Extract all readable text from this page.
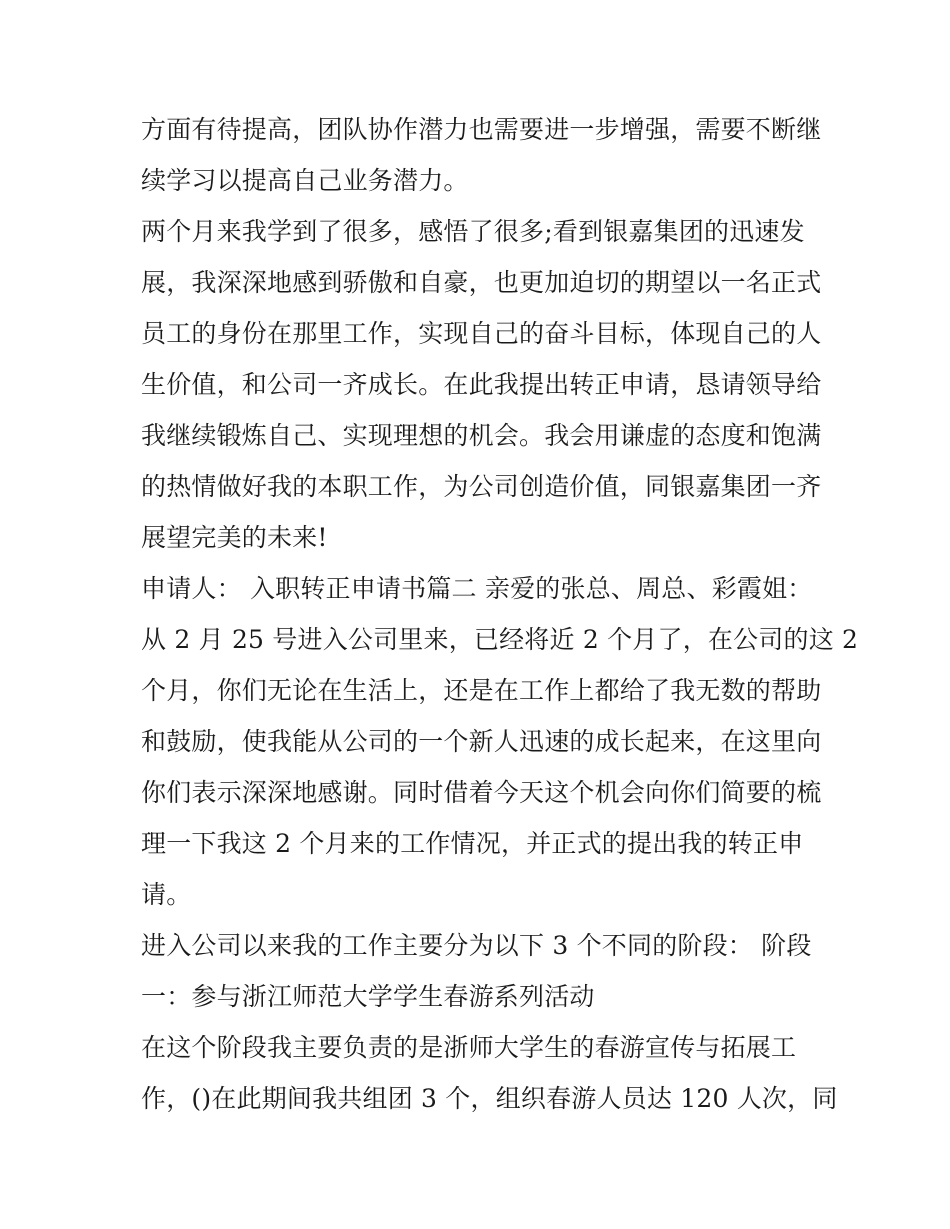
方面有待提高，团队协作潜力也需要进一步增强，需要不断继
续学习以提高自己业务潜力。
两个月来我学到了很多，感悟了很多;看到银嘉集团的迅速发
展，我深深地感到骄傲和自豪，也更加迫切的期望以一名正式
员工的身份在那里工作，实现自己的奋斗目标，体现自己的人
生价值，和公司一齐成长。在此我提出转正申请，恳请领导给
我继续锻炼自己、实现理想的机会。我会用谦虚的态度和饱满
的热情做好我的本职工作，为公司创造价值，同银嘉集团一齐
展望完美的未来!
申请人： 入职转正申请书篇二 亲爱的张总、周总、彩霞姐：
从 2 月 25 号进入公司里来，已经将近 2 个月了，在公司的这 2
个月，你们无论在生活上，还是在工作上都给了我无数的帮助
和鼓励，使我能从公司的一个新人迅速的成长起来，在这里向
你们表示深深地感谢。同时借着今天这个机会向你们简要的梳
理一下我这 2 个月来的工作情况，并正式的提出我的转正申
请。
进入公司以来我的工作主要分为以下 3 个不同的阶段： 阶段
一：参与浙江师范大学学生春游系列活动
在这个阶段我主要负责的是浙师大学生的春游宣传与拓展工
作，()在此期间我共组团 3 个，组织春游人员达 120 人次，同
